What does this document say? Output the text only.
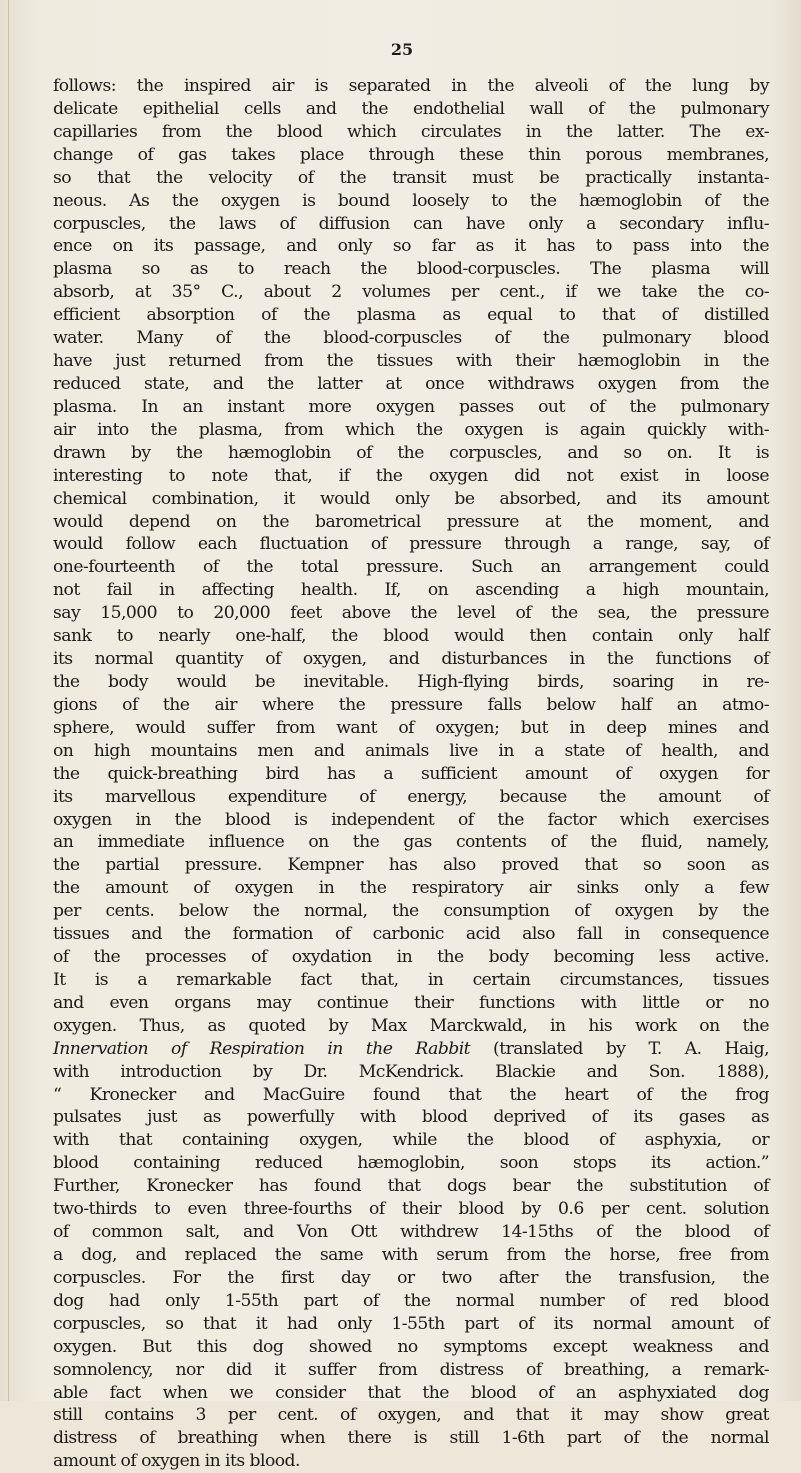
25
follows: the inspired air is separated in the alveoli of the lung by
delicate epithelial cells and the endothelial wall of the pulmonary
capillaries from the blood which circulates in the latter. The ex-
change of gas takes place through these thin porous membranes,
so that the velocity of the transit must be practically instanta-
neous. As the oxygen is bound loosely to the hæmoglobin of the
corpuscles, the laws of diffusion can have only a secondary influ-
ence on its passage, and only so far as it has to pass into the
plasma so as to reach the blood-corpuscles. The plasma will
absorb, at 35° C., about 2 volumes per cent., if we take the co-
efficient absorption of the plasma as equal to that of distilled
water. Many of the blood-corpuscles of the pulmonary blood
have just returned from the tissues with their hæmoglobin in the
reduced state, and the latter at once withdraws oxygen from the
plasma. In an instant more oxygen passes out of the pulmonary
air into the plasma, from which the oxygen is again quickly with-
drawn by the hæmoglobin of the corpuscles, and so on. It is
interesting to note that, if the oxygen did not exist in loose
chemical combination, it would only be absorbed, and its amount
would depend on the barometrical pressure at the moment, and
would follow each fluctuation of pressure through a range, say, of
one-fourteenth of the total pressure. Such an arrangement could
not fail in affecting health. If, on ascending a high mountain,
say 15,000 to 20,000 feet above the level of the sea, the pressure
sank to nearly one-half, the blood would then contain only half
its normal quantity of oxygen, and disturbances in the functions of
the body would be inevitable. High-flying birds, soaring in re-
gions of the air where the pressure falls below half an atmo-
sphere, would suffer from want of oxygen; but in deep mines and
on high mountains men and animals live in a state of health, and
the quick-breathing bird has a sufficient amount of oxygen for
its marvellous expenditure of energy, because the amount of
oxygen in the blood is independent of the factor which exercises
an immediate influence on the gas contents of the fluid, namely,
the partial pressure. Kempner has also proved that so soon as
the amount of oxygen in the respiratory air sinks only a few
per cents. below the normal, the consumption of oxygen by the
tissues and the formation of carbonic acid also fall in consequence
of the processes of oxydation in the body becoming less active.
It is a remarkable fact that, in certain circumstances, tissues
and even organs may continue their functions with little or no
oxygen. Thus, as quoted by Max Marckwald, in his work on the
Innervation of Respiration in the Rabbit (translated by T. A. Haig,
with introduction by Dr. McKendrick. Blackie and Son. 1888),
“ Kronecker and MacGuire found that the heart of the frog
pulsates just as powerfully with blood deprived of its gases as
with that containing oxygen, while the blood of asphyxia, or
blood containing reduced hæmoglobin, soon stops its action.”
Further, Kronecker has found that dogs bear the substitution of
two-thirds to even three-fourths of their blood by 0.6 per cent. solution
of common salt, and Von Ott withdrew 14-15ths of the blood of
a dog, and replaced the same with serum from the horse, free from
corpuscles. For the first day or two after the transfusion, the
dog had only 1-55th part of the normal number of red blood
corpuscles, so that it had only 1-55th part of its normal amount of
oxygen. But this dog showed no symptoms except weakness and
somnolency, nor did it suffer from distress of breathing, a remark-
able fact when we consider that the blood of an asphyxiated dog
still contains 3 per cent. of oxygen, and that it may show great
distress of breathing when there is still 1-6th part of the normal
amount of oxygen in its blood.
